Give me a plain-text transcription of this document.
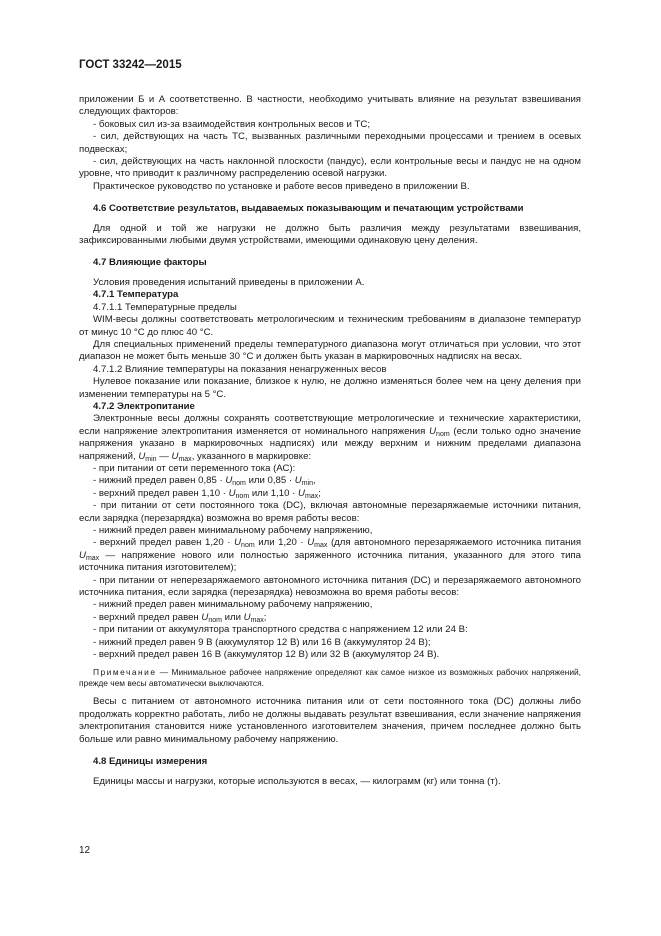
ГОСТ 33242—2015

приложении Б и А соответственно. В частности, необходимо учитывать влияние на результат взвешивания следующих факторов:

- боковых сил из-за взаимодействия контрольных весов и ТС;

- сил, действующих на часть ТС, вызванных различными переходными процессами и трением в осевых подвесках;

- сил, действующих на часть наклонной плоскости (пандус), если контрольные весы и пандус не на одном уровне, что приводит к различному распределению осевой нагрузки.

Практическое руководство по установке и работе весов приведено в приложении В.

4.6 Соответствие результатов, выдаваемых показывающим и печатающим устройствами

Для одной и той же нагрузки не должно быть различия между результатами взвешивания, зафиксированными любыми двумя устройствами, имеющими одинаковую цену деления.

4.7 Влияющие факторы

Условия проведения испытаний приведены в приложении А.

4.7.1 Температура

4.7.1.1 Температурные пределы

WIM-весы должны соответствовать метрологическим и техническим требованиям в диапазоне температур от минус 10 °С до плюс 40 °С.

Для специальных применений пределы температурного диапазона могут отличаться при условии, что этот диапазон не может быть меньше 30 °С и должен быть указан в маркировочных надписях на весах.

4.7.1.2 Влияние температуры на показания ненагруженных весов

Нулевое показание или показание, близкое к нулю, не должно изменяться более чем на цену деления при изменении температуры на 5 °С.

4.7.2 Электропитание

Электронные весы должны сохранять соответствующие метрологические и технические характеристики, если напряжение электропитания изменяется от номинального напряжения $U_{nom}$ (если только одно значение напряжения указано в маркировочных надписях) или между верхним и нижним пределами диапазона напряжений, $U_{min}$ — $U_{max}$, указанного в маркировке:

- при питании от сети переменного тока (АС):

- нижний предел равен $0,85 \cdot U_{nom}$ или $0,85 \cdot U_{min}$,

- верхний предел равен $1,10 \cdot U_{nom}$ или $1,10 \cdot U_{max}$;

- при питании от сети постоянного тока (DC), включая автономные перезаряжаемые источники питания, если зарядка (перезарядка) возможна во время работы весов:

- нижний предел равен минимальному рабочему напряжению,

- верхний предел равен $1,20 \cdot U_{nom}$ или $1,20 \cdot U_{max}$ (для автономного перезаряжаемого источника питания $U_{max}$ — напряжение нового или полностью заряженного источника питания, указанного для этого типа источника питания изготовителем);

- при питании от неперезаряжаемого автономного источника питания (DC) и перезаряжаемого автономного источника питания, если зарядка (перезарядка) невозможна во время работы весов:

- нижний предел равен минимальному рабочему напряжению,

- верхний предел равен $U_{nom}$ или $U_{max}$;

- при питании от аккумулятора транспортного средства с напряжением 12 или 24 В:

- нижний предел равен 9 В (аккумулятор 12 В) или 16 В (аккумулятор 24 В);

- верхний предел равен 16 В (аккумулятор 12 В) или 32 В (аккумулятор 24 В).

Примечание — Минимальное рабочее напряжение определяют как самое низкое из возможных рабочих напряжений, прежде чем весы автоматически выключаются.

Весы с питанием от автономного источника питания или от сети постоянного тока (DC) должны либо продолжать корректно работать, либо не должны выдавать результат взвешивания, если значение напряжения электропитания становится ниже установленного изготовителем значения, причем последнее должно быть больше или равно минимальному рабочему напряжению.

4.8 Единицы измерения

Единицы массы и нагрузки, которые используются в весах, — килограмм (кг) или тонна (т).

12
